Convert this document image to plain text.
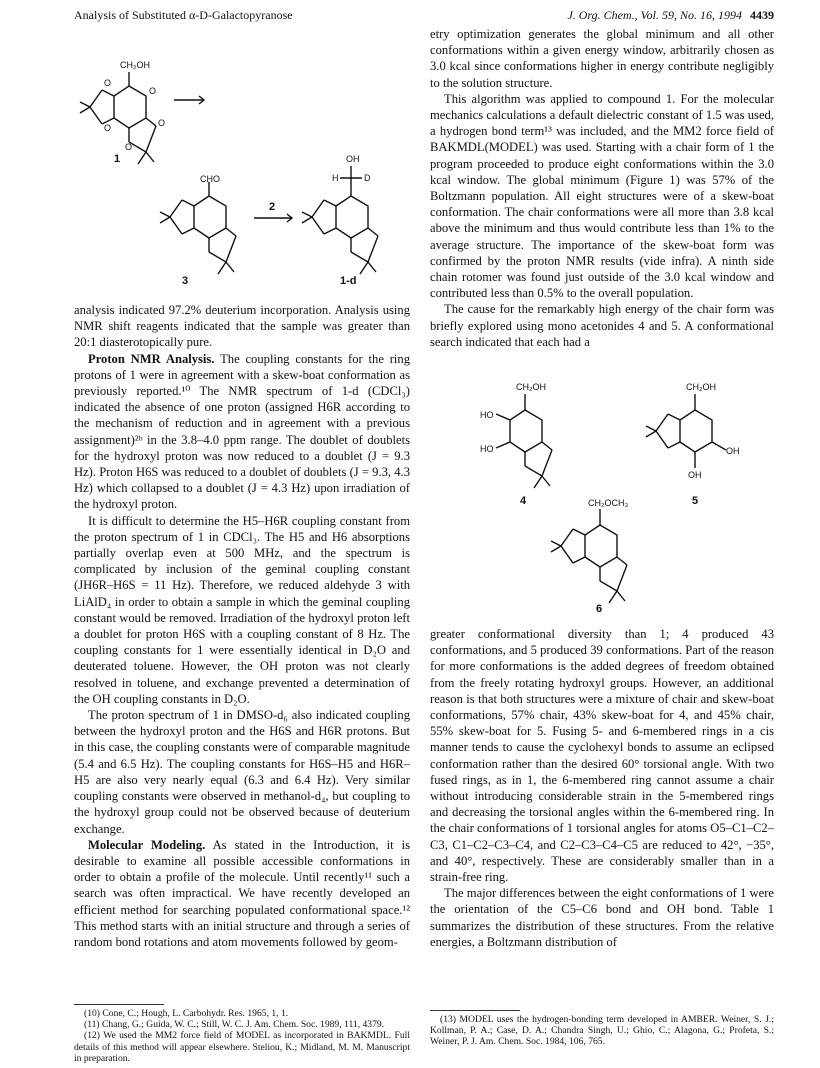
Analysis of Substituted α-D-Galactopyranose	J. Org. Chem., Vol. 59, No. 16, 1994 4439
CH₂OH
O
O
O
O
O
1
CHO
3
2
OH
H	D
1-d

analysis indicated 97.2% deuterium incorporation. Analysis using NMR shift reagents indicated that the sample was greater than 20:1 diasterotopically pure.

Proton NMR Analysis. The coupling constants for the ring protons of 1 were in agreement with a skew-boat conformation as previously reported.¹⁰ The NMR spectrum of 1-d (CDCl₃) indicated the absence of one proton (assigned H6R according to the mechanism of reduction and in agreement with a previous assignment)²ᵇ in the 3.8–4.0 ppm range. The doublet of doublets for the hydroxyl proton was now reduced to a doublet (J = 9.3 Hz). Proton H6S was reduced to a doublet of doublets (J = 9.3, 4.3 Hz) which collapsed to a doublet (J = 4.3 Hz) upon irradiation of the hydroxyl proton.

It is difficult to determine the H5–H6R coupling constant from the proton spectrum of 1 in CDCl₃. The H5 and H6 absorptions partially overlap even at 500 MHz, and the spectrum is complicated by inclusion of the geminal coupling constant (JH6R–H6S = 11 Hz). Therefore, we reduced aldehyde 3 with LiAlD₄ in order to obtain a sample in which the geminal coupling constant would be removed. Irradiation of the hydroxyl proton left a doublet for proton H6S with a coupling constant of 8 Hz. The coupling constants for 1 were essentially identical in D₂O and deuterated toluene. However, the OH proton was not clearly resolved in toluene, and exchange prevented a determination of the OH coupling constants in D₂O.

The proton spectrum of 1 in DMSO-d₆ also indicated coupling between the hydroxyl proton and the H6S and H6R protons. But in this case, the coupling constants were of comparable magnitude (5.4 and 6.5 Hz). The coupling constants for H6S–H5 and H6R–H5 are also very nearly equal (6.3 and 6.4 Hz). Very similar coupling constants were observed in methanol-d₄, but coupling to the hydroxyl group could not be observed because of deuterium exchange.

Molecular Modeling. As stated in the Introduction, it is desirable to examine all possible accessible conformations in order to obtain a profile of the molecule. Until recently¹¹ such a search was often impractical. We have recently developed an efficient method for searching populated conformational space.¹² This method starts with an initial structure and through a series of random bond rotations and atom movements followed by geom-

(10) Cone, C.; Hough, L. Carbohydr. Res. 1965, 1, 1.

(11) Chang, G.; Guida, W. C.; Still, W. C. J. Am. Chem. Soc. 1989, 111, 4379.

(12) We used the MM2 force field of MODEL as incorporated in BAKMDL. Full details of this method will appear elsewhere. Steliou, K.; Midland, M. M. Manuscript in preparation.

etry optimization generates the global minimum and all other conformations within a given energy window, arbitrarily chosen as 3.0 kcal since conformations higher in energy contribute negligibly to the solution structure.

This algorithm was applied to compound 1. For the molecular mechanics calculations a default dielectric constant of 1.5 was used, a hydrogen bond term¹³ was included, and the MM2 force field of BAKMDL(MODEL) was used. Starting with a chair form of 1 the program proceeded to produce eight conformations within the 3.0 kcal window. The global minimum (Figure 1) was 57% of the Boltzmann population. All eight structures were of a skew-boat conformation. The chair conformations were all more than 3.8 kcal above the minimum and thus would contribute less than 1% to the average structure. The importance of the skew-boat form was confirmed by the proton NMR results (vide infra). A ninth side chain rotomer was found just outside of the 3.0 kcal window and contributed less than 0.5% to the overall population.

The cause for the remarkably high energy of the chair form was briefly explored using mono acetonides 4 and 5. A conformational search indicated that each had a

CH₂OH
HO
HO
4
CH₂OH
OH
OH
5
CH₂OCH₃
6

greater conformational diversity than 1; 4 produced 43 conformations, and 5 produced 39 conformations. Part of the reason for more conformations is the added degrees of freedom obtained from the freely rotating hydroxyl groups. However, an additional reason is that both structures were a mixture of chair and skew-boat conformations, 57% chair, 43% skew-boat for 4, and 45% chair, 55% skew-boat for 5. Fusing 5- and 6-membered rings in a cis manner tends to cause the cyclohexyl bonds to assume an eclipsed conformation rather than the desired 60° torsional angle. With two fused rings, as in 1, the 6-membered ring cannot assume a chair without introducing considerable strain in the 5-membered rings and decreasing the torsional angles within the 6-membered ring. In the chair conformations of 1 torsional angles for atoms O5–C1–C2–C3, C1–C2–C3–C4, and C2–C3–C4–C5 are reduced to 42°, −35°, and 40°, respectively. These are considerably smaller than in a strain-free ring.

The major differences between the eight conformations of 1 were the orientation of the C5–C6 bond and OH bond. Table 1 summarizes the distribution of these structures. From the relative energies, a Boltzmann distribution of

(13) MODEL uses the hydrogen-bonding term developed in AMBER. Weiner, S. J.; Kollman, P. A.; Case, D. A.; Chandra Singh, U.; Ghio, C.; Alagona, G.; Profeta, S.; Weiner, P. J. Am. Chem. Soc. 1984, 106, 765.
